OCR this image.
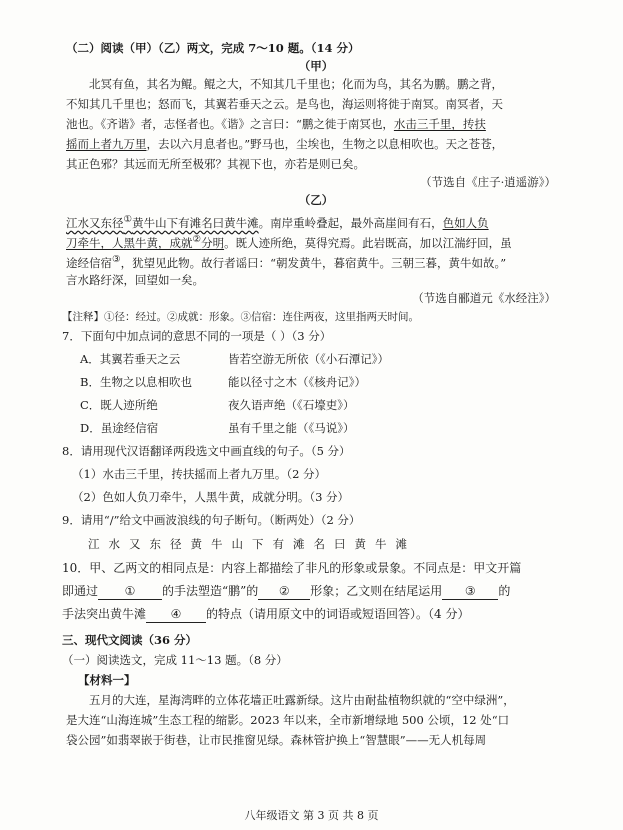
（二）阅读（甲）（乙）两文，完成 7～10 题。（14 分）
（甲）
北冥有鱼，其名为鲲。鲲之大，不知其几千里也；化而为鸟，其名为鹏。鹏之背，
不知其几千里也；怒而飞，其翼若垂天之云。是鸟也，海运则将徙于南冥。南冥者，天
池也。《齐谐》者，志怪者也。《谐》之言曰：“鹏之徙于南冥也，水击三千里，抟扶
摇而上者九万里，去以六月息者也。”野马也，尘埃也，生物之以息相吹也。天之苍苍，
其正色邪？其远而无所至极邪？其视下也，亦若是则已矣。
（节选自《庄子·逍遥游》）
（乙）
江水又东径①黄牛山下有滩名曰黄牛滩。南岸重岭叠起，最外高崖间有石，色如人负
刀牵牛，人黑牛黄，成就②分明。既人迹所绝，莫得究焉。此岩既高，加以江湍纡回，虽
途经信宿③，犹望见此物。故行者谣曰：“朝发黄牛，暮宿黄牛。三朝三暮，黄牛如故。”
言水路纡深，回望如一矣。
（节选自郦道元《水经注》）
【注释】①径：经过。②成就：形象。③信宿：连住两夜，这里指两天时间。
7．下面句中加点词的意思不同的一项是（ ）（3 分）
A．其翼若垂天之云	皆若空游无所依（《小石潭记》）
B．生物之以息相吹也	能以径寸之木（《核舟记》）
C．既人迹所绝	夜久语声绝（《石壕吏》）
D．虽途经信宿	虽有千里之能（《马说》）
8．请用现代汉语翻译两段选文中画直线的句子。（5 分）
（1）水击三千里，抟扶摇而上者九万里。（2 分）
（2）色如人负刀牵牛，人黑牛黄，成就分明。（3 分）
9．请用“/”给文中画波浪线的句子断句。（断两处）（2 分）
江水又东径黄牛山下有滩名曰黄牛滩
10．甲、乙两文的相同点是：内容上都描绘了非凡的形象或景象。不同点是：甲文开篇
即通过 ① 的手法塑造“鹏”的 ② 形象；乙文则在结尾运用 ③ 的
手法突出黄牛滩 ④ 的特点（请用原文中的词语或短语回答）。（4 分）
三、现代文阅读（36 分）
（一）阅读选文，完成 11～13 题。（8 分）
【材料一】
五月的大连，星海湾畔的立体花墙正吐露新绿。这片由耐盐植物织就的“空中绿洲”，
是大连“山海连城”生态工程的缩影。2023 年以来，全市新增绿地 500 公顷，12 处“口
袋公园”如翡翠嵌于街巷，让市民推窗见绿。森林管护换上“智慧眼”——无人机每周
八年级语文 第 3 页 共 8 页
